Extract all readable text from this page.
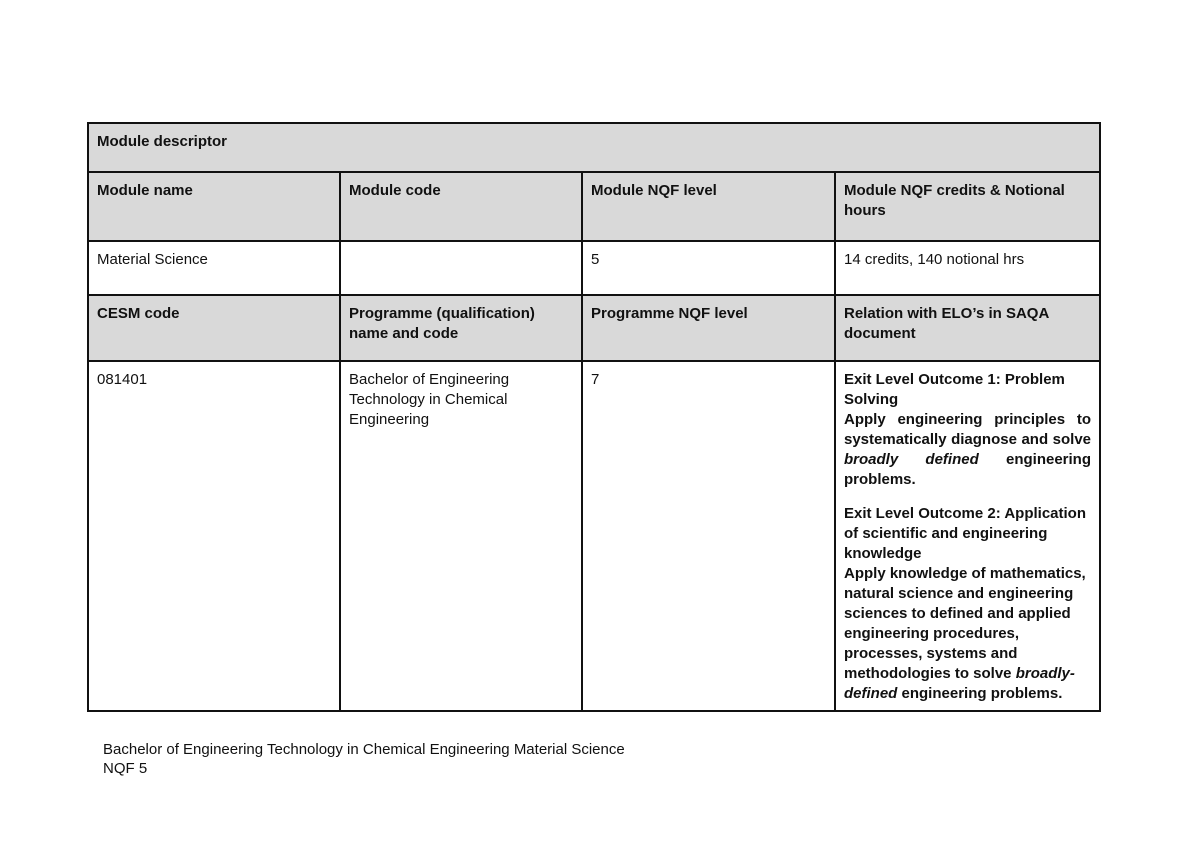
Module descriptor			
Module name	Module code	Module NQF level	Module NQF credits & Notional hours
Material Science		5	14 credits, 140 notional hrs
CESM code	Programme (qualification) name and code	Programme NQF level	Relation with ELO’s in SAQA document
081401	Bachelor of Engineering Technology in Chemical Engineering	7	Exit Level Outcome 1: Problem Solving
Apply engineering principles to systematically diagnose and solve broadly defined engineering problems.
Exit Level Outcome 2: Application of scientific and engineering knowledge
Apply knowledge of mathematics, natural science and engineering sciences to defined and applied engineering procedures, processes, systems and methodologies to solve broadly-defined engineering problems.
Bachelor of Engineering Technology in Chemical Engineering Material Science NQF 5
